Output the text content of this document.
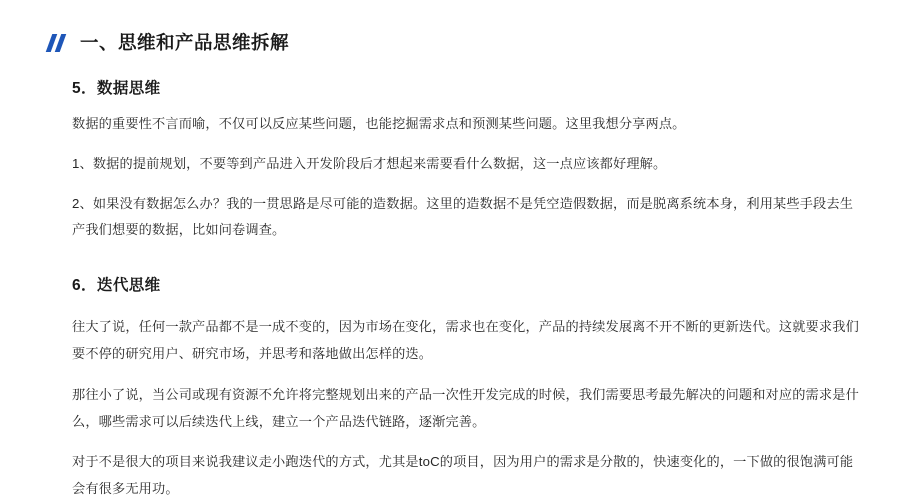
一、思维和产品思维拆解
5．数据思维

数据的重要性不言而喻，不仅可以反应某些问题，也能挖掘需求点和预测某些问题。这里我想分享两点。

1、数据的提前规划，不要等到产品进入开发阶段后才想起来需要看什么数据，这一点应该都好理解。

2、如果没有数据怎么办？我的一贯思路是尽可能的造数据。这里的造数据不是凭空造假数据，而是脱离系统本身，利用某些手段去生产我们想要的数据，比如问卷调查。

6．迭代思维

往大了说，任何一款产品都不是一成不变的，因为市场在变化，需求也在变化，产品的持续发展离不开不断的更新迭代。这就要求我们要不停的研究用户、研究市场，并思考和落地做出怎样的迭。

那往小了说，当公司或现有资源不允许将完整规划出来的产品一次性开发完成的时候，我们需要思考最先解决的问题和对应的需求是什么，哪些需求可以后续迭代上线，建立一个产品迭代链路，逐渐完善。

对于不是很大的项目来说我建议走小跑迭代的方式，尤其是toC的项目，因为用户的需求是分散的，快速变化的，一下做的很饱满可能会有很多无用功。
